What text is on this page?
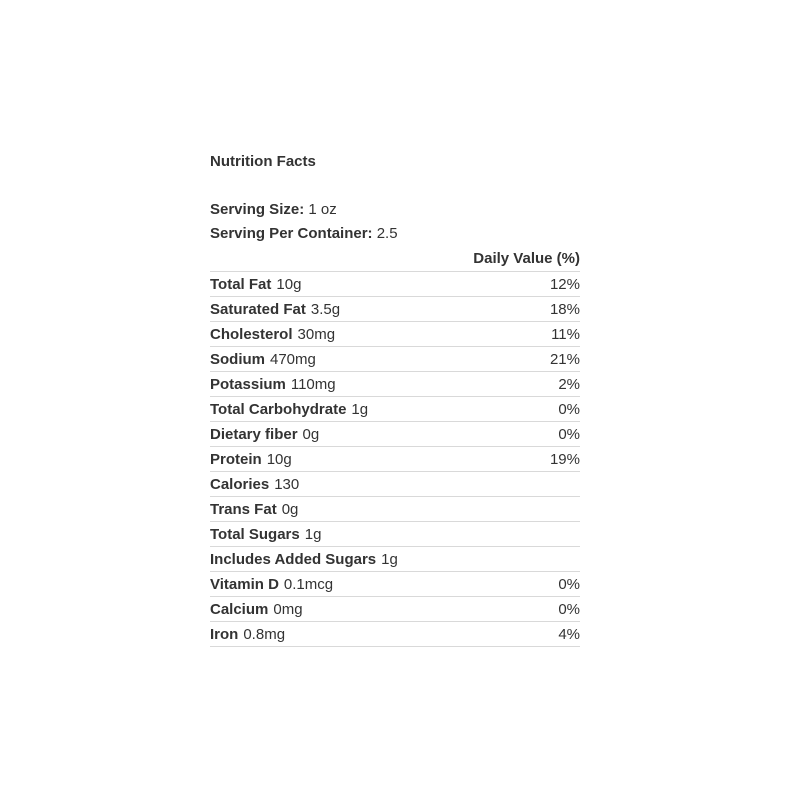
Nutrition Facts
Serving Size: 1 oz
Serving Per Container: 2.5
Daily Value (%)
Total Fat 10g	12%
Saturated Fat 3.5g	18%
Cholesterol 30mg	11%
Sodium 470mg	21%
Potassium 110mg	2%
Total Carbohydrate 1g	0%
Dietary fiber 0g	0%
Protein 10g	19%
Calories 130
Trans Fat 0g
Total Sugars 1g
Includes Added Sugars 1g
Vitamin D 0.1mcg	0%
Calcium 0mg	0%
Iron 0.8mg	4%
